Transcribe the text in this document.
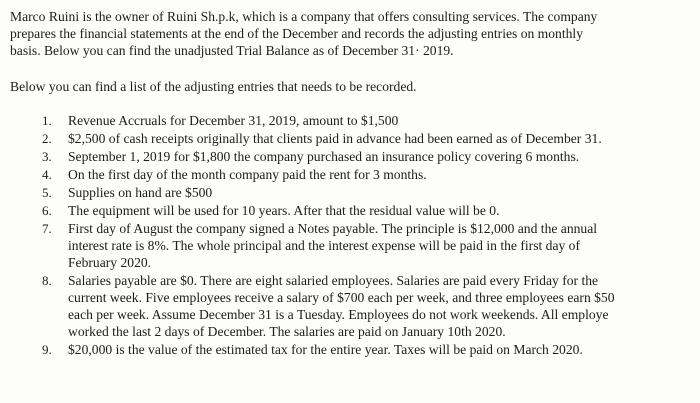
Marco Ruini is the owner of Ruini Sh.p.k, which is a company that offers consulting services. The company
prepares the financial statements at the end of the December and records the adjusting entries on monthly
basis. Below you can find the unadjusted Trial Balance as of December 31· 2019.

Below you can find a list of the adjusting entries that needs to be recorded.

1. Revenue Accruals for December 31, 2019, amount to $1,500
2. $2,500 of cash receipts originally that clients paid in advance had been earned as of December 31.
3. September 1, 2019 for $1,800 the company purchased an insurance policy covering 6 months.
4. On the first day of the month company paid the rent for 3 months.
5. Supplies on hand are $500
6. The equipment will be used for 10 years. After that the residual value will be 0.
7. First day of August the company signed a Notes payable. The principle is $12,000 and the annual
interest rate is 8%. The whole principal and the interest expense will be paid in the first day of
February 2020.
8. Salaries payable are $0. There are eight salaried employees. Salaries are paid every Friday for the
current week. Five employees receive a salary of $700 each per week, and three employees earn $50
each per week. Assume December 31 is a Tuesday. Employees do not work weekends. All employe
worked the last 2 days of December. The salaries are paid on January 10th 2020.
9. $20,000 is the value of the estimated tax for the entire year. Taxes will be paid on March 2020.
